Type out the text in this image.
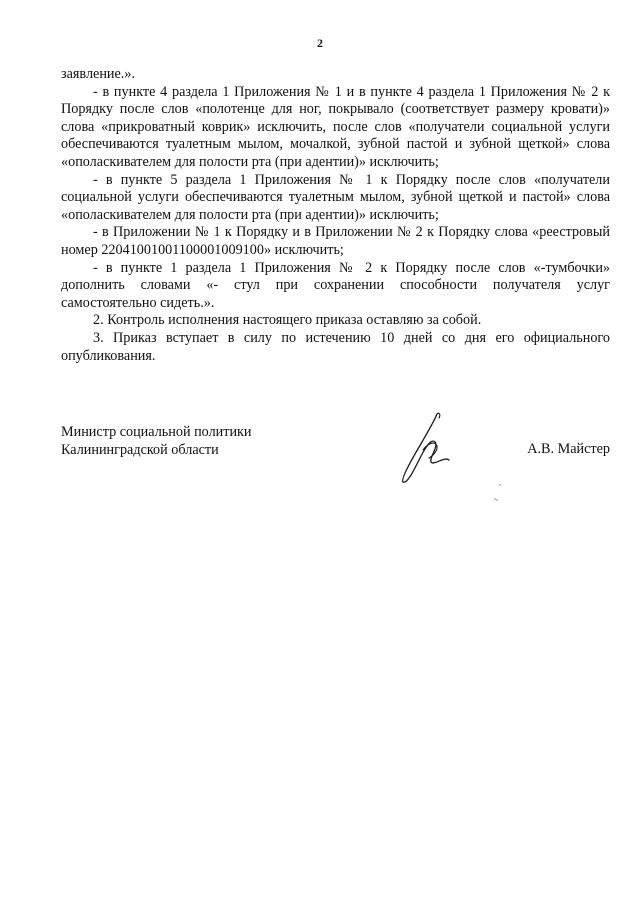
2

заявление.».

- в пункте 4 раздела 1 Приложения № 1 и в пункте 4 раздела 1 Приложения № 2 к Порядку после слов «полотенце для ног, покрывало (соответствует размеру кровати)» слова «прикроватный коврик» исключить, после слов «получатели социальной услуги обеспечиваются туалетным мылом, мочалкой, зубной пастой и зубной щеткой» слова «ополаскивателем для полости рта (при адентии)» исключить;

- в пункте 5 раздела 1 Приложения № 1 к Порядку после слов «получатели социальной услуги обеспечиваются туалетным мылом, зубной щеткой и пастой» слова «ополаскивателем для полости рта (при адентии)» исключить;

- в Приложении № 1 к Порядку и в Приложении № 2 к Порядку слова «реестровый номер 22041001001100001009100» исключить;

- в пункте 1 раздела 1 Приложения № 2 к Порядку после слов «-тумбочки» дополнить словами «- стул при сохранении способности получателя услуг самостоятельно сидеть.».

2. Контроль исполнения настоящего приказа оставляю за собой.

3. Приказ вступает в силу по истечению 10 дней со дня его официального опубликования.

Министр социальной политики
Калининградской области	А.В. Майстер
